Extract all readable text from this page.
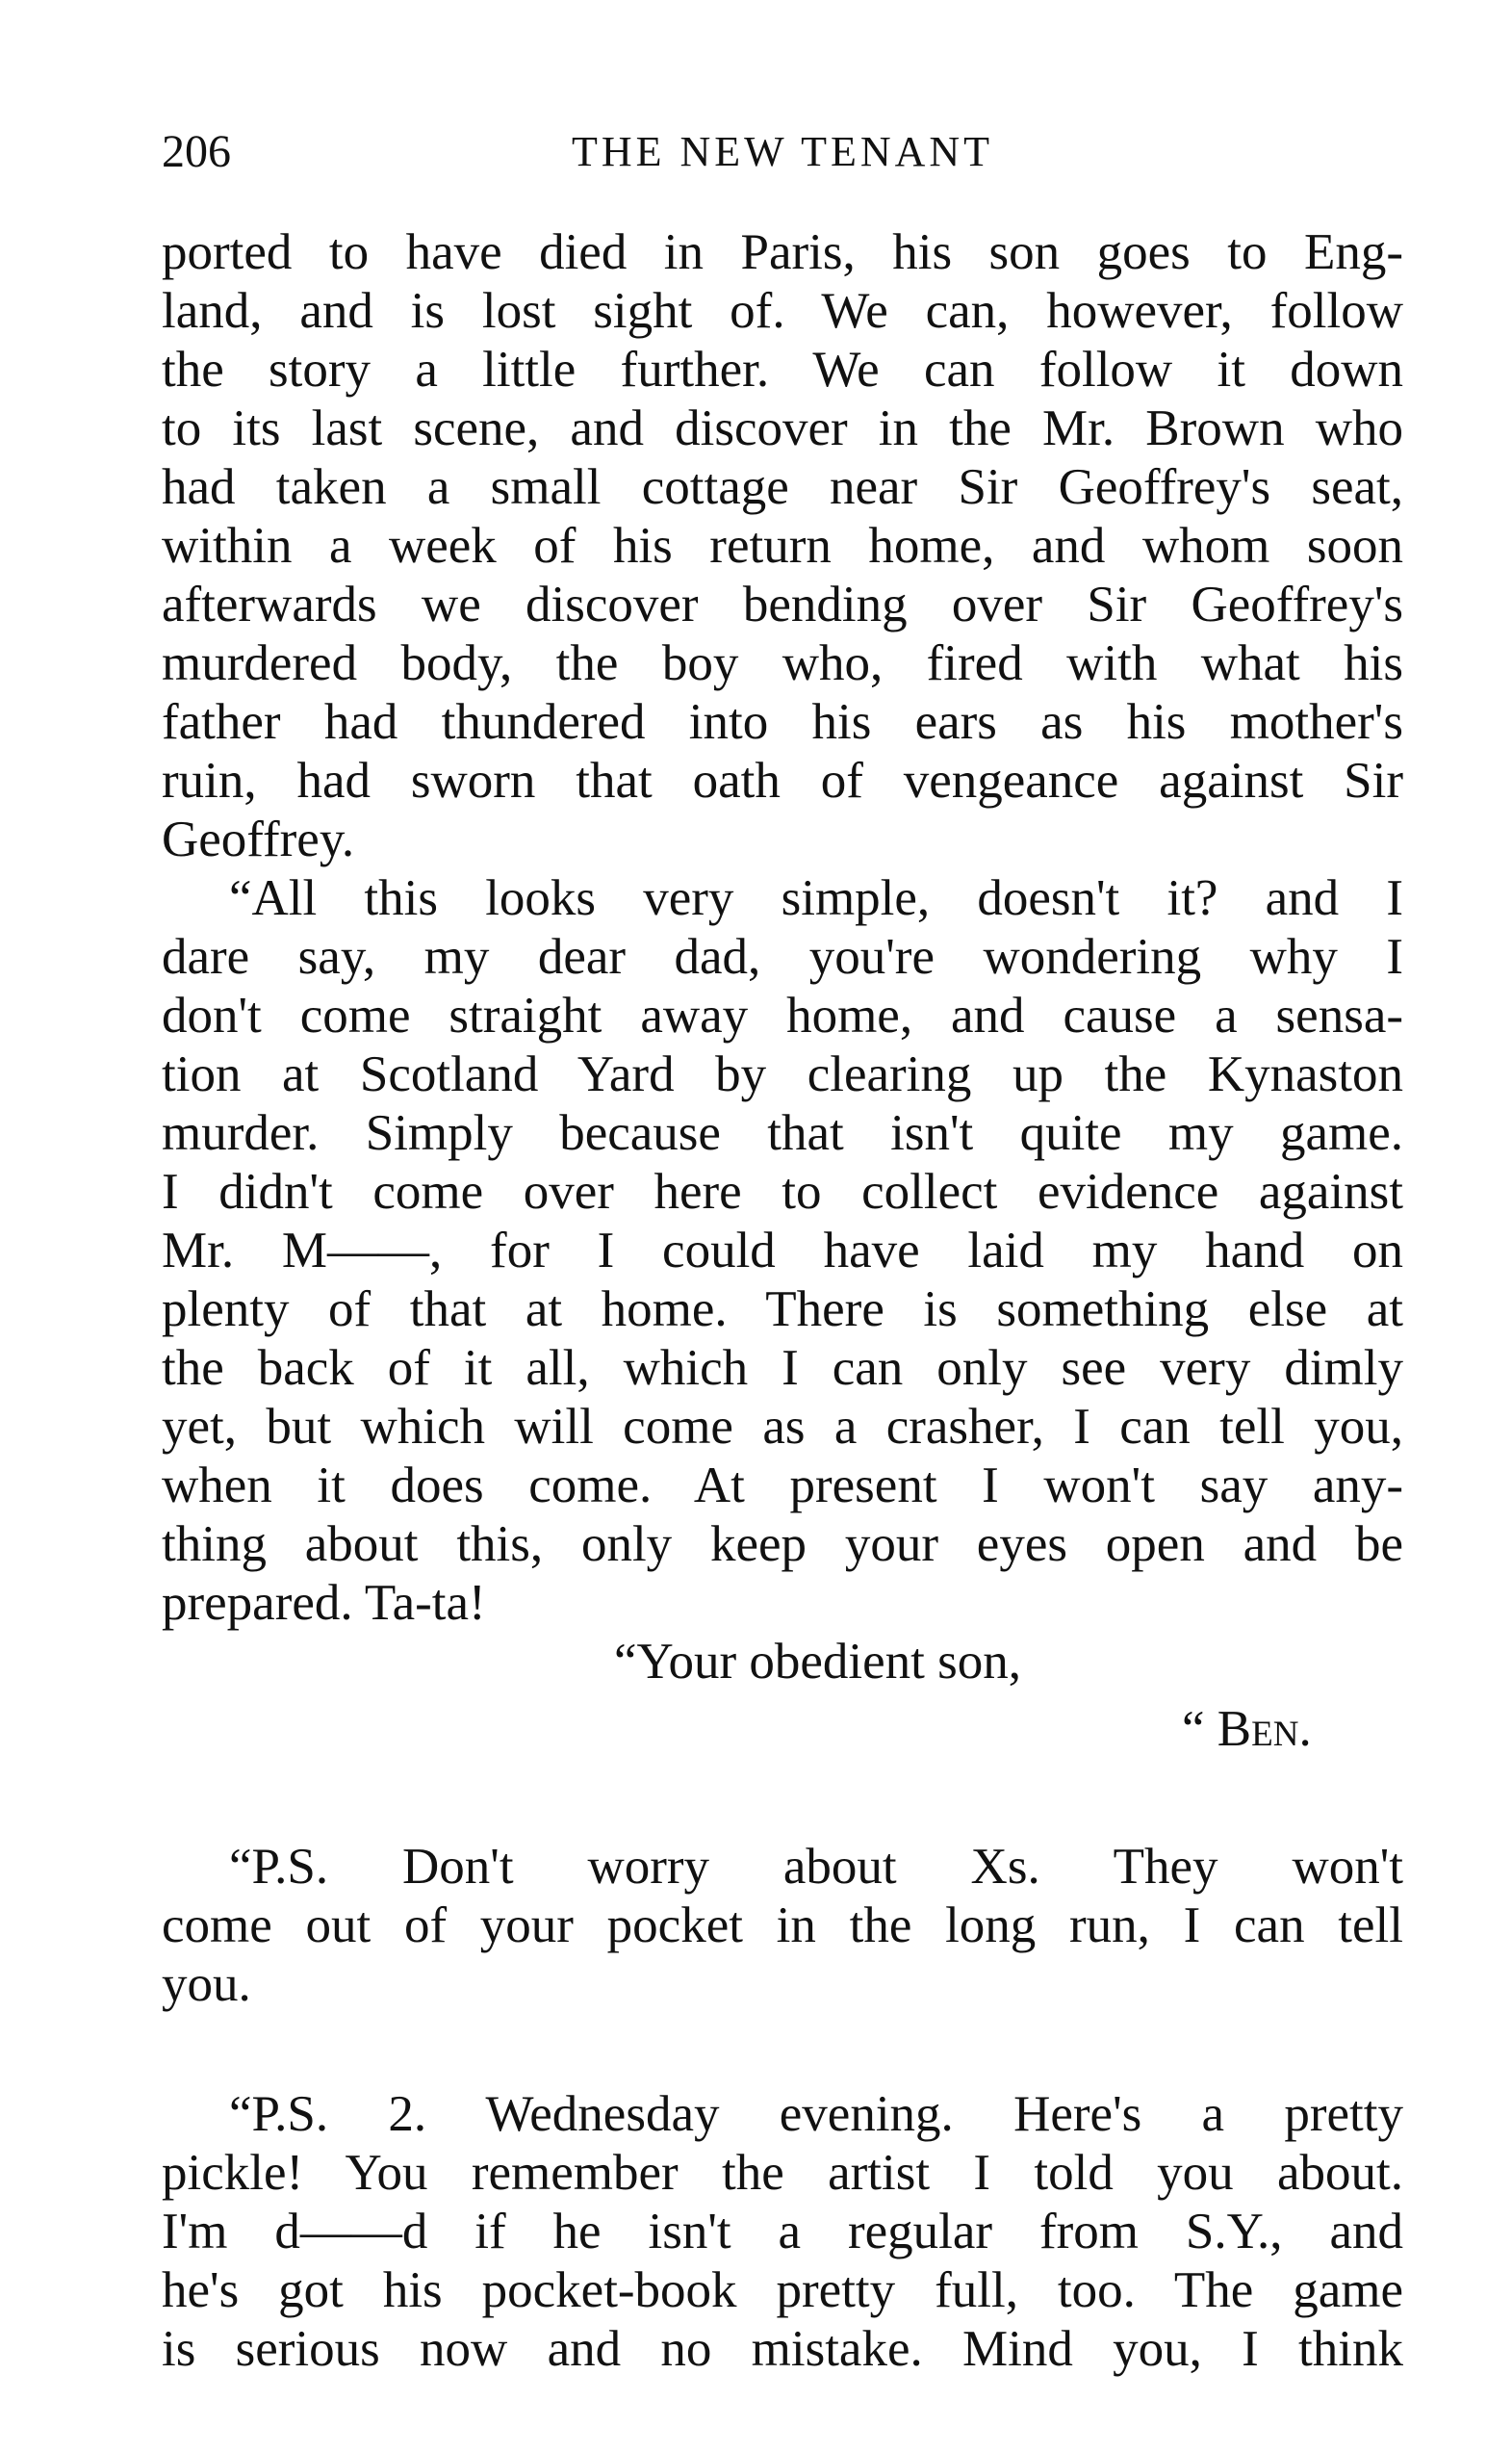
206	THE NEW TENANT
ported to have died in Paris, his son goes to Eng-
land, and is lost sight of. We can, however, follow
the story a little further. We can follow it down
to its last scene, and discover in the Mr. Brown who
had taken a small cottage near Sir Geoffrey's seat,
within a week of his return home, and whom soon
afterwards we discover bending over Sir Geoffrey's
murdered body, the boy who, fired with what his
father had thundered into his ears as his mother's
ruin, had sworn that oath of vengeance against Sir
Geoffrey.
“All this looks very simple, doesn't it? and I
dare say, my dear dad, you're wondering why I
don't come straight away home, and cause a sensa-
tion at Scotland Yard by clearing up the Kynaston
murder. Simply because that isn't quite my game.
I didn't come over here to collect evidence against
Mr. M——, for I could have laid my hand on
plenty of that at home. There is something else at
the back of it all, which I can only see very dimly
yet, but which will come as a crasher, I can tell you,
when it does come. At present I won't say any-
thing about this, only keep your eyes open and be
prepared. Ta-ta!
“Your obedient son,
“ Ben.
“P.S. Don't worry about Xs. They won't
come out of your pocket in the long run, I can tell
you.
“P.S. 2. Wednesday evening. Here's a pretty
pickle! You remember the artist I told you about.
I'm d——d if he isn't a regular from S.Y., and
he's got his pocket-book pretty full, too. The game
is serious now and no mistake. Mind you, I think
